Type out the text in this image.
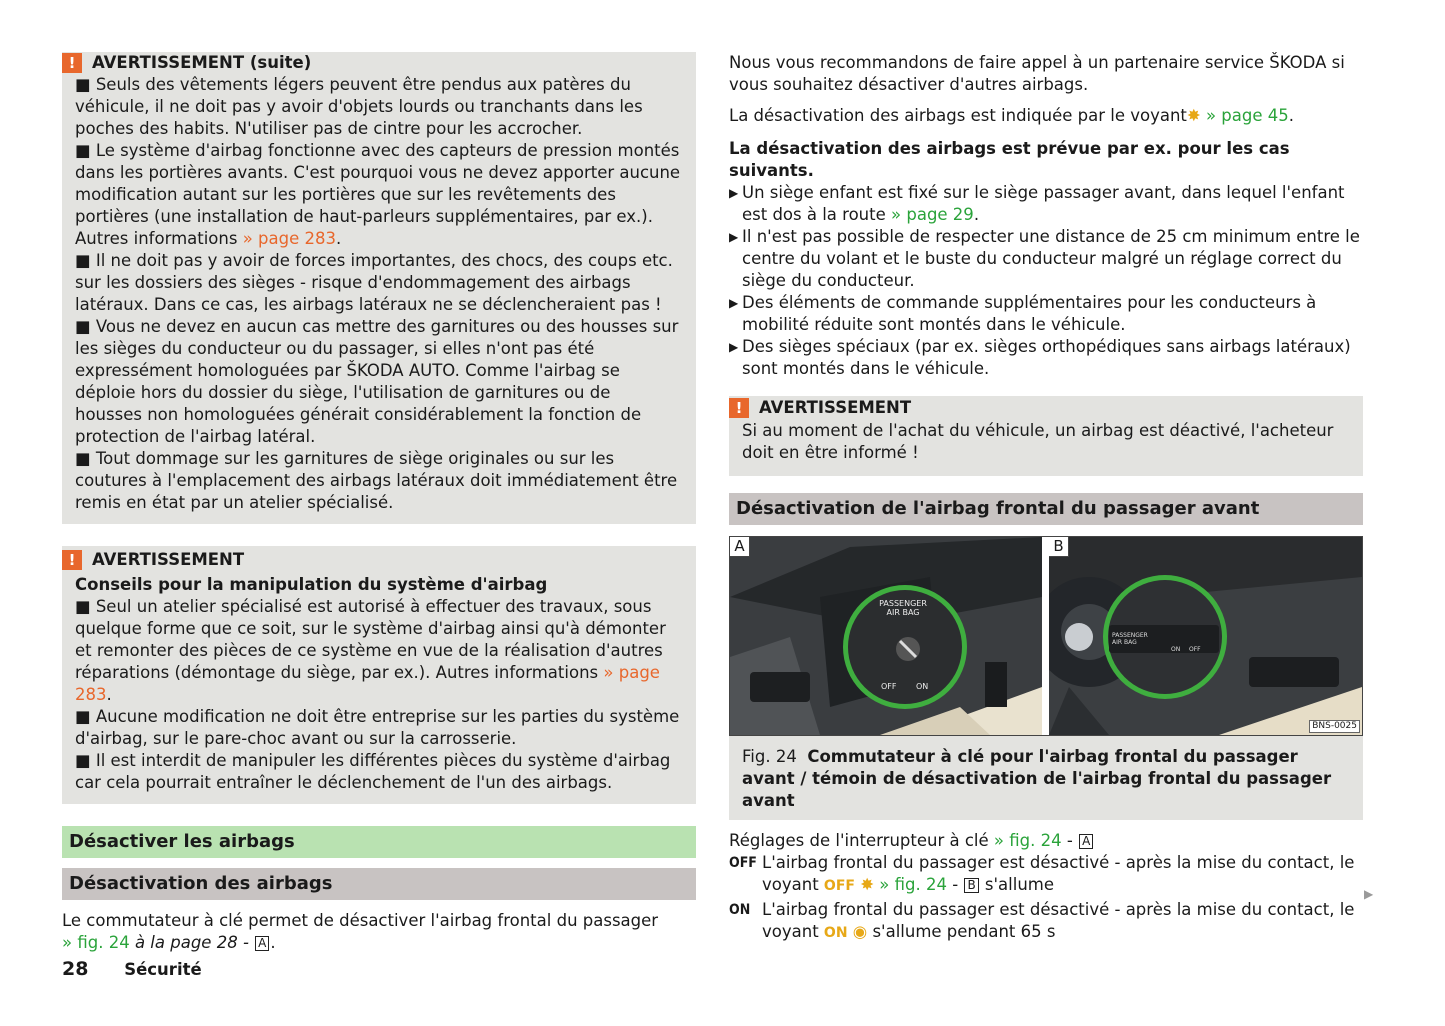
!	AVERTISSEMENT (suite)

■ Seuls des vêtements légers peuvent être pendus aux patères du véhicule, il ne doit pas y avoir d'objets lourds ou tranchants dans les poches des habits. N'utiliser pas de cintre pour les accrocher.

■ Le système d'airbag fonctionne avec des capteurs de pression montés dans les portières avants. C'est pourquoi vous ne devez apporter aucune modification autant sur les portières que sur les revêtements des portières (une installation de haut-parleurs supplémentaires, par ex.). Autres informations » page 283.

■ Il ne doit pas y avoir de forces importantes, des chocs, des coups etc. sur les dossiers des sièges - risque d'endommagement des airbags latéraux. Dans ce cas, les airbags latéraux ne se déclencheraient pas !

■ Vous ne devez en aucun cas mettre des garnitures ou des housses sur les sièges du conducteur ou du passager, si elles n'ont pas été expressément homologuées par ŠKODA AUTO. Comme l'airbag se déploie hors du dossier du siège, l'utilisation de garnitures ou de housses non homologuées générait considérablement la fonction de protection de l'airbag latéral.

■ Tout dommage sur les garnitures de siège originales ou sur les coutures à l'emplacement des airbags latéraux doit immédiatement être remis en état par un atelier spécialisé.

!	AVERTISSEMENT

Conseils pour la manipulation du système d'airbag

■ Seul un atelier spécialisé est autorisé à effectuer des travaux, sous quelque forme que ce soit, sur le système d'airbag ainsi qu'à démonter et remonter des pièces de ce système en vue de la réalisation d'autres réparations (démontage du siège, par ex.). Autres informations » page 283.

■ Aucune modification ne doit être entreprise sur les parties du système d'airbag, sur le pare-choc avant ou sur la carrosserie.

■ Il est interdit de manipuler les différentes pièces du système d'airbag car cela pourrait entraîner le déclenchement de l'un des airbags.

Désactiver les airbags
Désactivation des airbags

Le commutateur à clé permet de désactiver l'airbag frontal du passager
» fig. 24 à la page 28 - A .

Nous vous recommandons de faire appel à un partenaire service ŠKODA si vous souhaitez désactiver d'autres airbags.

La désactivation des airbags est indiquée par le voyant✸ » page 45.

La désactivation des airbags est prévue par ex. pour les cas suivants.

▶ Un siège enfant est fixé sur le siège passager avant, dans lequel l'enfant est dos à la route » page 29.
▶ Il n'est pas possible de respecter une distance de 25 cm minimum entre le centre du volant et le buste du conducteur malgré un réglage correct du siège du conducteur.
▶ Des éléments de commande supplémentaires pour les conducteurs à mobilité réduite sont montés dans le véhicule.
▶ Des sièges spéciaux (par ex. sièges orthopédiques sans airbags latéraux) sont montés dans le véhicule.
!	AVERTISSEMENT

Si au moment de l'achat du véhicule, un airbag est déactivé, l'acheteur doit en être informé !

Désactivation de l'airbag frontal du passager avant
PASSENGER AIR BAG
OFF ON
A
PASSENGER AIR BAG
ON OFF
B
BNS-0025
Fig. 24 Commutateur à clé pour l'airbag frontal du passager avant / témoin de désactivation de l'airbag frontal du passager avant

Réglages de l'interrupteur à clé » fig. 24 - A

OFF L'airbag frontal du passager est désactivé - après la mise du contact, le voyant OFF ✸ » fig. 24 - B s'allume
ON L'airbag frontal du passager est désactivé - après la mise du contact, le voyant ON ◉ s'allume pendant 65 s
▶
28 Sécurité
